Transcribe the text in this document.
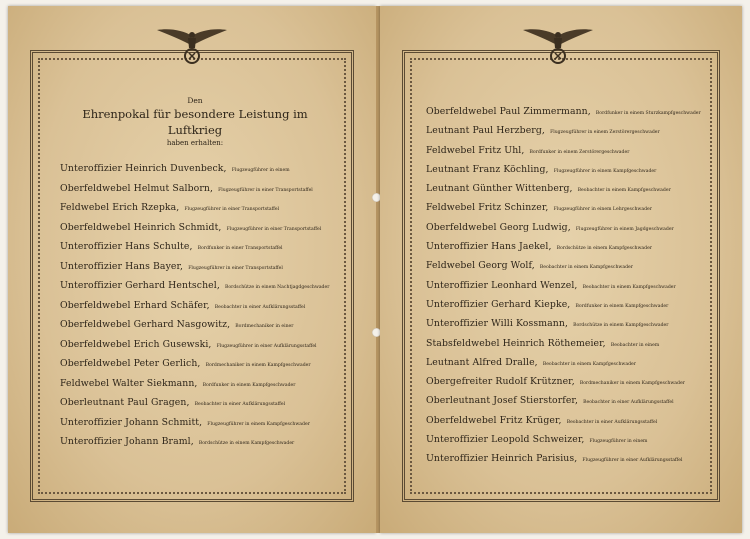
Den
Ehrenpokal für besondere Leistung im Luftkrieg
haben erhalten:
Unteroffizier Heinrich Duvenbeck, Flugzeugführer in einem
Oberfeldwebel Helmut Salborn, Flugzeugführer in einer Transportstaffel
Feldwebel Erich Rzepka, Flugzeugführer in einer Transportstaffel
Oberfeldwebel Heinrich Schmidt, Flugzeugführer in einer Transportstaffel
Unteroffizier Hans Schulte, Bordfunker in einer Transportstaffel
Unteroffizier Hans Bayer, Flugzeugführer in einer Transportstaffel
Unteroffizier Gerhard Hentschel, Bordschütze in einem Nachtjagdgeschwader
Oberfeldwebel Erhard Schäfer, Beobachter in einer Aufklärungsstaffel
Oberfeldwebel Gerhard Nasgowitz, Bordmechaniker in einer
Oberfeldwebel Erich Gusewski, Flugzeugführer in einer Aufklärungsstaffel
Oberfeldwebel Peter Gerlich, Bordmechaniker in einem Kampfgeschwader
Feldwebel Walter Siekmann, Bordfunker in einem Kampfgeschwader
Oberleutnant Paul Gragen, Beobachter in einer Aufklärungsstaffel
Unteroffizier Johann Schmitt, Flugzeugführer in einem Kampfgeschwader
Unteroffizier Johann Braml, Bordschütze in einem Kampfgeschwader
Oberfeldwebel Paul Zimmermann, Bordfunker in einem Sturzkampfgeschwader
Leutnant Paul Herzberg, Flugzeugführer in einem Zerstörergeschwader
Feldwebel Fritz Uhl, Bordfunker in einem Zerstörergeschwader
Leutnant Franz Köchling, Flugzeugführer in einem Kampfgeschwader
Leutnant Günther Wittenberg, Beobachter in einem Kampfgeschwader
Feldwebel Fritz Schinzer, Flugzeugführer in einem Lehrgeschwader
Oberfeldwebel Georg Ludwig, Flugzeugführer in einem Jagdgeschwader
Unteroffizier Hans Jaekel, Bordschütze in einem Kampfgeschwader
Feldwebel Georg Wolf, Beobachter in einem Kampfgeschwader
Unteroffizier Leonhard Wenzel, Beobachter in einem Kampfgeschwader
Unteroffizier Gerhard Kiepke, Bordfunker in einem Kampfgeschwader
Unteroffizier Willi Kossmann, Bordschütze in einem Kampfgeschwader
Stabsfeldwebel Heinrich Röthemeier, Beobachter in einem
Leutnant Alfred Dralle, Beobachter in einem Kampfgeschwader
Obergefreiter Rudolf Krützner, Bordmechaniker in einem Kampfgeschwader
Oberleutnant Josef Stierstorfer, Beobachter in einer Aufklärungsstaffel
Oberfeldwebel Fritz Krüger, Beobachter in einer Aufklärungsstaffel
Unteroffizier Leopold Schweizer, Flugzeugführer in einem
Unteroffizier Heinrich Parisius, Flugzeugführer in einer Aufklärungsstaffel
